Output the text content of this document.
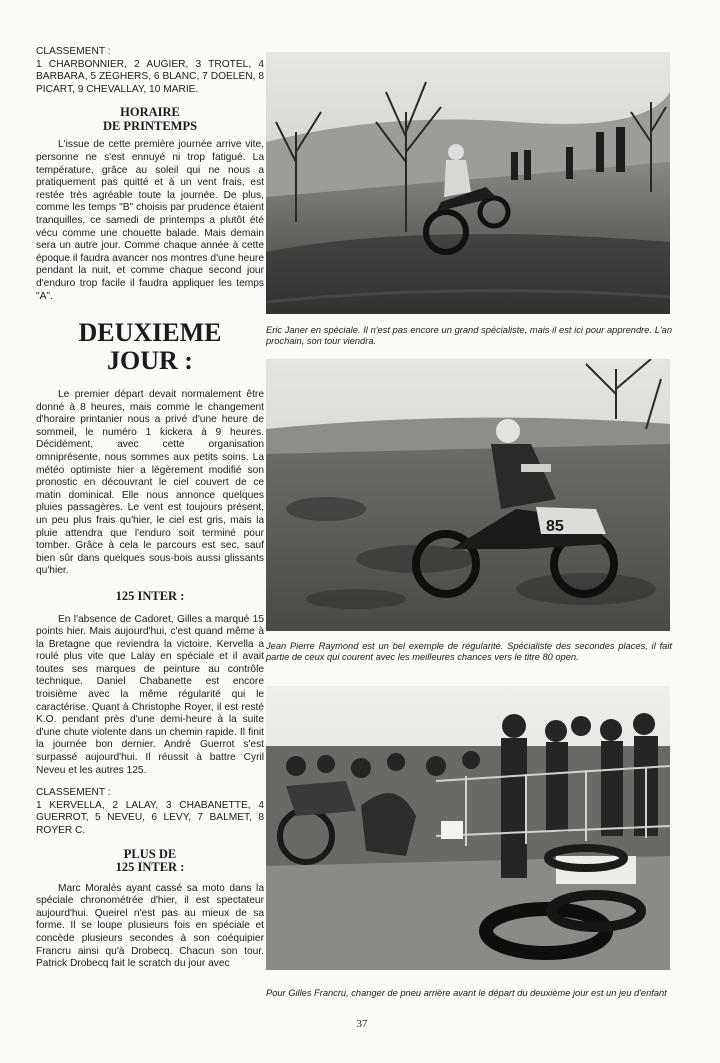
CLASSEMENT :

1 CHARBONNIER, 2 AUGIER, 3 TROTEL, 4 BARBARA, 5 ZEGHERS, 6 BLANC, 7 DOELEN, 8 PICART, 9 CHEVALLAY, 10 MARIE.

HORAIRE

DE PRINTEMPS

L'issue de cette première journée arrive vite, personne ne s'est ennuyé ni trop fatigué. La température, grâce au soleil qui ne nous a pratiquement pas quitté et à un vent frais, est restée très agréable toute la journée. De plus, comme les temps "B" choisis par prudence étaient tranquilles, ce samedi de printemps a plutôt été vécu comme une chouette balade. Mais demain sera un autre jour. Comme chaque année à cette époque il faudra avancer nos montres d'une heure pendant la nuit, et comme chaque second jour d'enduro trop facile il faudra appliquer les temps "A".

DEUXIEME

JOUR :

Le premier départ devait normalement être donné à 8 heures, mais comme le changement d'horaire printanier nous a privé d'une heure de sommeil, le numéro 1 kickera à 9 heures. Décidément, avec cette organisation omniprésente, nous sommes aux petits soins. La météo optimiste hier a légèrement modifié son pronostic en découvrant le ciel couvert de ce matin dominical. Elle nous annonce quelques pluies passagères. Le vent est toujours présent, un peu plus frais qu'hier, le ciel est gris, mais la pluie attendra que l'enduro soit terminé pour tomber. Grâce à cela le parcours est sec, sauf bien sûr dans quelques sous-bois aussi glissants qu'hier.

125 INTER :

En l'absence de Cadoret, Gilles a marqué 15 points hier. Mais aujourd'hui, c'est quand même à la Bretagne que reviendra la victoire. Kervella a roulé plus vite que Lalay en spéciale et il avait toutes ses marques de peinture au contrôle technique. Daniel Chabanette est encore troisième avec la même régularité qui le caractérise. Quant à Christophe Royer, il est resté K.O. pendant près d'une demi-heure à la suite d'une chute violente dans un chemin rapide. Il finit la journée bon dernier. André Guerrot s'est surpassé aujourd'hui. Il réussit à battre Cyril Neveu et les autres 125.

CLASSEMENT :

1 KERVELLA, 2 LALAY, 3 CHABANETTE, 4 GUERROT, 5 NEVEU, 6 LEVY, 7 BALMET, 8 ROYER C.

PLUS DE

125 INTER :

Marc Moralès ayant cassé sa moto dans la spéciale chronométrée d'hier, il est spectateur aujourd'hui. Queirel n'est pas au mieux de sa forme. Il se loupe plusieurs fois en spéciale et concède plusieurs secondes à son coéquipier Francru ainsi qu'à Drobecq. Chacun son tour. Patrick Drobecq fait le scratch du jour avec

Eric Janer en spéciale. Il n'est pas encore un grand spécialiste, mais il est ici pour apprendre. L'an prochain, son tour viendra.

85

Jean Pierre Raymond est un bel exemple de régularité. Spécialiste des secondes places, il fait partie de ceux qui courent avec les meilleures chances vers le titre 80 open.

Pour Gilles Francru, changer de pneu arrière avant le départ du deuxième jour est un jeu d'enfant

37
